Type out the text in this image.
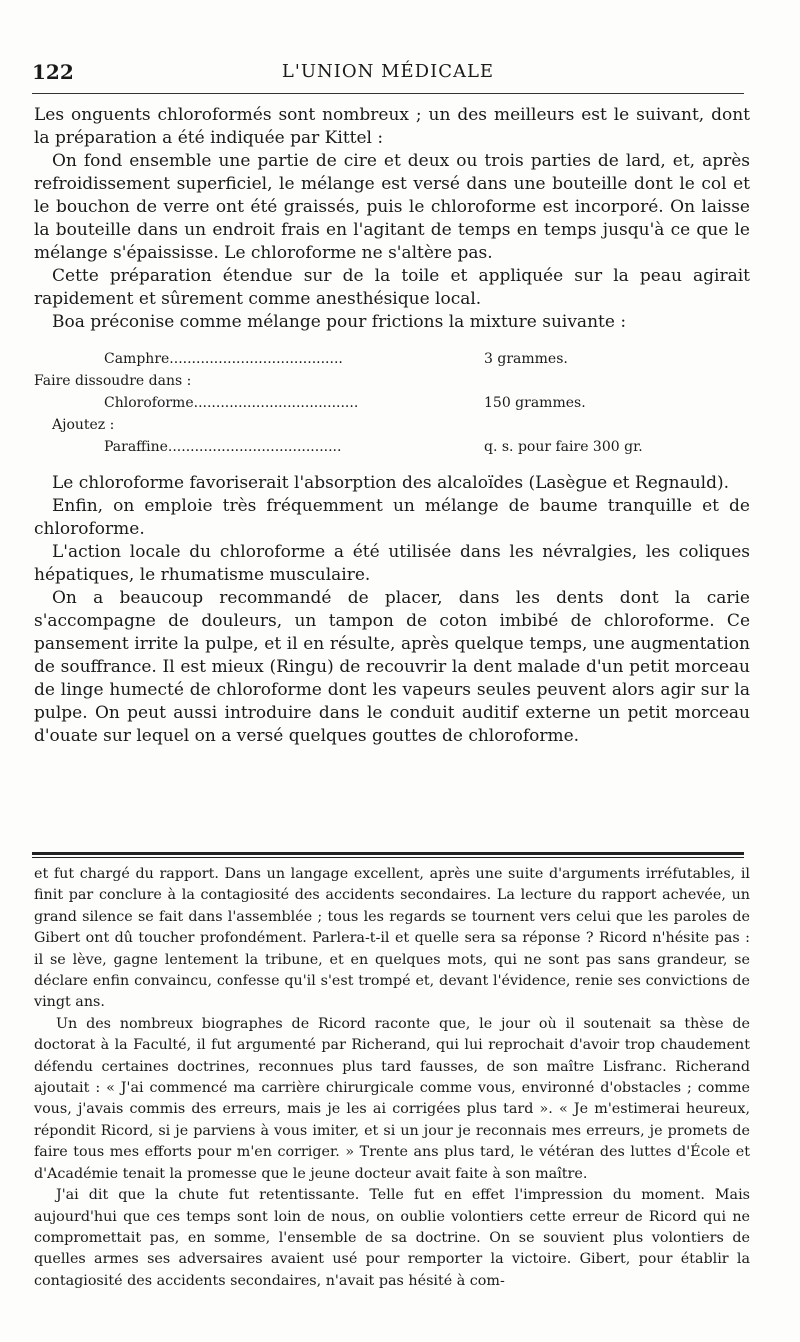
122	L'UNION MÉDICALE

Les onguents chloroformés sont nombreux ; un des meilleurs est le suivant, dont la préparation a été indiquée par Kittel :

On fond ensemble une partie de cire et deux ou trois parties de lard, et, après refroidissement superficiel, le mélange est versé dans une bouteille dont le col et le bouchon de verre ont été graissés, puis le chloroforme est incorporé. On laisse la bouteille dans un endroit frais en l'agitant de temps en temps jusqu'à ce que le mélange s'épaississe. Le chloroforme ne s'altère pas.

Cette préparation étendue sur de la toile et appliquée sur la peau agirait rapidement et sûrement comme anesthésique local.

Boa préconise comme mélange pour frictions la mixture suivante :

Camphre.......................................	3 grammes.
Faire dissoudre dans :
Chloroforme.....................................	150 grammes.
Ajoutez :
Paraffine.......................................	q. s. pour faire 300 gr.

Le chloroforme favoriserait l'absorption des alcaloïdes (Lasègue et Regnauld).

Enfin, on emploie très fréquemment un mélange de baume tranquille et de chloroforme.

L'action locale du chloroforme a été utilisée dans les névralgies, les coliques hépatiques, le rhumatisme musculaire.

On a beaucoup recommandé de placer, dans les dents dont la carie s'accompagne de douleurs, un tampon de coton imbibé de chloroforme. Ce pansement irrite la pulpe, et il en résulte, après quelque temps, une augmentation de souffrance. Il est mieux (Ringu) de recouvrir la dent malade d'un petit morceau de linge humecté de chloroforme dont les vapeurs seules peuvent alors agir sur la pulpe. On peut aussi introduire dans le conduit auditif externe un petit morceau d'ouate sur lequel on a versé quelques gouttes de chloroforme.

et fut chargé du rapport. Dans un langage excellent, après une suite d'arguments irréfutables, il finit par conclure à la contagiosité des accidents secondaires. La lecture du rapport achevée, un grand silence se fait dans l'assemblée ; tous les regards se tournent vers celui que les paroles de Gibert ont dû toucher profondément. Parlera-t-il et quelle sera sa réponse ? Ricord n'hésite pas : il se lève, gagne lentement la tribune, et en quelques mots, qui ne sont pas sans grandeur, se déclare enfin convaincu, confesse qu'il s'est trompé et, devant l'évidence, renie ses convictions de vingt ans.

Un des nombreux biographes de Ricord raconte que, le jour où il soutenait sa thèse de doctorat à la Faculté, il fut argumenté par Richerand, qui lui reprochait d'avoir trop chaudement défendu certaines doctrines, reconnues plus tard fausses, de son maître Lisfranc. Richerand ajoutait : « J'ai commencé ma carrière chirurgicale comme vous, environné d'obstacles ; comme vous, j'avais commis des erreurs, mais je les ai corrigées plus tard ». « Je m'estimerai heureux, répondit Ricord, si je parviens à vous imiter, et si un jour je reconnais mes erreurs, je promets de faire tous mes efforts pour m'en corriger. » Trente ans plus tard, le vétéran des luttes d'École et d'Académie tenait la promesse que le jeune docteur avait faite à son maître.

J'ai dit que la chute fut retentissante. Telle fut en effet l'impression du moment. Mais aujourd'hui que ces temps sont loin de nous, on oublie volontiers cette erreur de Ricord qui ne compromettait pas, en somme, l'ensemble de sa doctrine. On se souvient plus volontiers de quelles armes ses adversaires avaient usé pour remporter la victoire. Gibert, pour établir la contagiosité des accidents secondaires, n'avait pas hésité à com-
